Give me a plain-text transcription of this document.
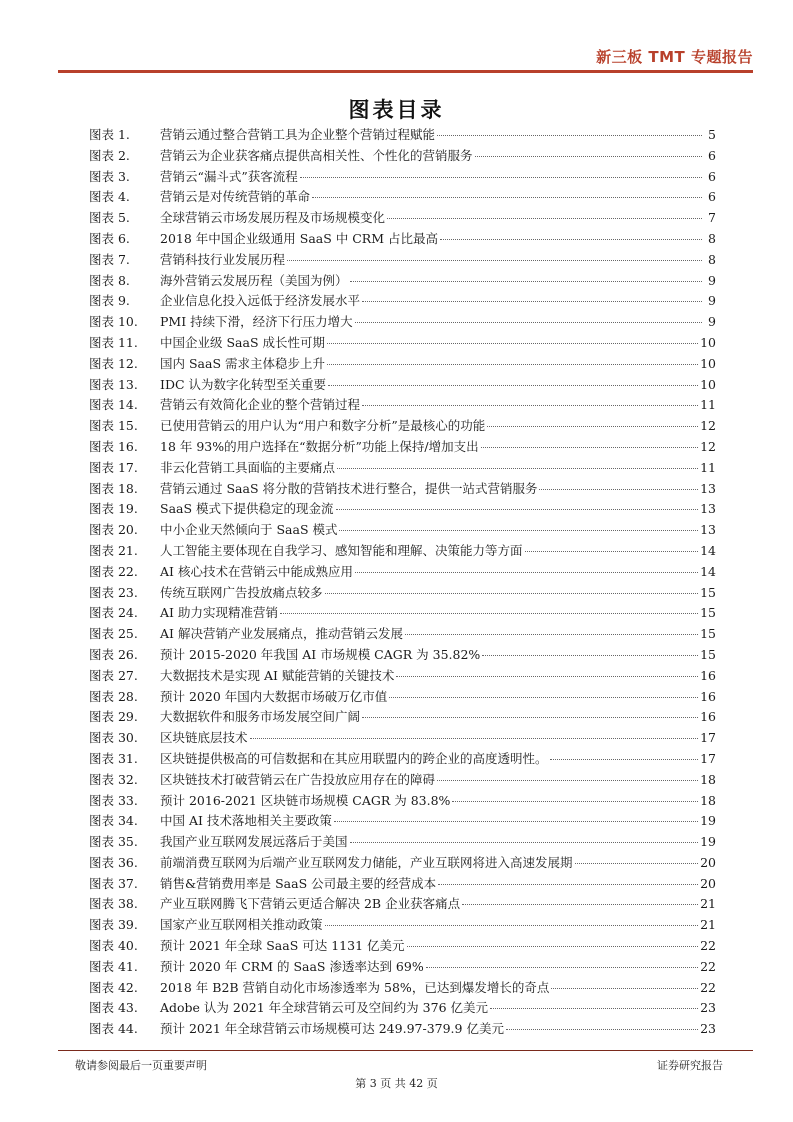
新三板 TMT 专题报告
图表目录
图表 1.	营销云通过整合营销工具为企业整个营销过程赋能	5
图表 2.	营销云为企业获客痛点提供高相关性、个性化的营销服务	6
图表 3.	营销云“漏斗式”获客流程	6
图表 4.	营销云是对传统营销的革命	6
图表 5.	全球营销云市场发展历程及市场规模变化	7
图表 6.	2018 年中国企业级通用 SaaS 中 CRM 占比最高	8
图表 7.	营销科技行业发展历程	8
图表 8.	海外营销云发展历程（美国为例）	9
图表 9.	企业信息化投入远低于经济发展水平	9
图表 10.	PMI 持续下滑，经济下行压力增大	9
图表 11.	中国企业级 SaaS 成长性可期	10
图表 12.	国内 SaaS 需求主体稳步上升	10
图表 13.	IDC 认为数字化转型至关重要	10
图表 14.	营销云有效简化企业的整个营销过程	11
图表 15.	已使用营销云的用户认为“用户和数字分析”是最核心的功能	12
图表 16.	18 年 93%的用户选择在“数据分析”功能上保持/增加支出	12
图表 17.	非云化营销工具面临的主要痛点	11
图表 18.	营销云通过 SaaS 将分散的营销技术进行整合，提供一站式营销服务	13
图表 19.	SaaS 模式下提供稳定的现金流	13
图表 20.	中小企业天然倾向于 SaaS 模式	13
图表 21.	人工智能主要体现在自我学习、感知智能和理解、决策能力等方面	14
图表 22.	AI 核心技术在营销云中能成熟应用	14
图表 23.	传统互联网广告投放痛点较多	15
图表 24.	AI 助力实现精准营销	15
图表 25.	AI 解决营销产业发展痛点，推动营销云发展	15
图表 26.	预计 2015-2020 年我国 AI 市场规模 CAGR 为 35.82%	15
图表 27.	大数据技术是实现 AI 赋能营销的关键技术	16
图表 28.	预计 2020 年国内大数据市场破万亿市值	16
图表 29.	大数据软件和服务市场发展空间广阔	16
图表 30.	区块链底层技术	17
图表 31.	区块链提供极高的可信数据和在其应用联盟内的跨企业的高度透明性。	17
图表 32.	区块链技术打破营销云在广告投放应用存在的障碍	18
图表 33.	预计 2016-2021 区块链市场规模 CAGR 为 83.8%	18
图表 34.	中国 AI 技术落地相关主要政策	19
图表 35.	我国产业互联网发展远落后于美国	19
图表 36.	前端消费互联网为后端产业互联网发力储能，产业互联网将进入高速发展期	20
图表 37.	销售&营销费用率是 SaaS 公司最主要的经营成本	20
图表 38.	产业互联网腾飞下营销云更适合解决 2B 企业获客痛点	21
图表 39.	国家产业互联网相关推动政策	21
图表 40.	预计 2021 年全球 SaaS 可达 1131 亿美元	22
图表 41.	预计 2020 年 CRM 的 SaaS 渗透率达到 69%	22
图表 42.	2018 年 B2B 营销自动化市场渗透率为 58%，已达到爆发增长的奇点	22
图表 43.	Adobe 认为 2021 年全球营销云可及空间约为 376 亿美元	23
图表 44.	预计 2021 年全球营销云市场规模可达 249.97-379.9 亿美元	23
敬请参阅最后一页重要声明	证券研究报告
第 3 页 共 42 页
